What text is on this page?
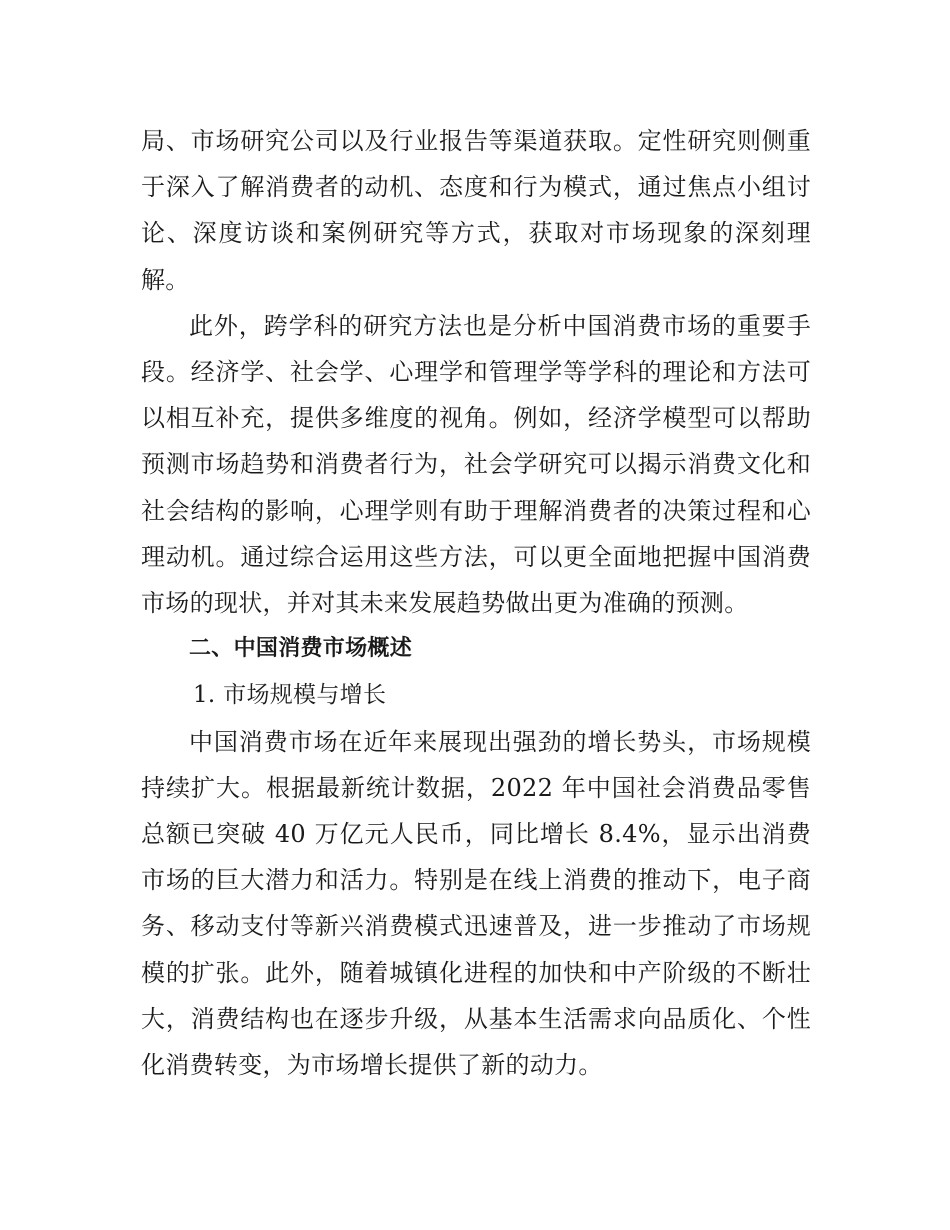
局、市场研究公司以及行业报告等渠道获取。定性研究则侧重于深入了解消费者的动机、态度和行为模式，通过焦点小组讨论、深度访谈和案例研究等方式，获取对市场现象的深刻理解。

此外，跨学科的研究方法也是分析中国消费市场的重要手段。经济学、社会学、心理学和管理学等学科的理论和方法可以相互补充，提供多维度的视角。例如，经济学模型可以帮助预测市场趋势和消费者行为，社会学研究可以揭示消费文化和社会结构的影响，心理学则有助于理解消费者的决策过程和心理动机。通过综合运用这些方法，可以更全面地把握中国消费市场的现状，并对其未来发展趋势做出更为准确的预测。

二、中国消费市场概述

1. 市场规模与增长

中国消费市场在近年来展现出强劲的增长势头，市场规模持续扩大。根据最新统计数据，2022 年中国社会消费品零售总额已突破 40 万亿元人民币，同比增长 8.4%，显示出消费市场的巨大潜力和活力。特别是在线上消费的推动下，电子商务、移动支付等新兴消费模式迅速普及，进一步推动了市场规模的扩张。此外，随着城镇化进程的加快和中产阶级的不断壮大，消费结构也在逐步升级，从基本生活需求向品质化、个性化消费转变，为市场增长提供了新的动力。
